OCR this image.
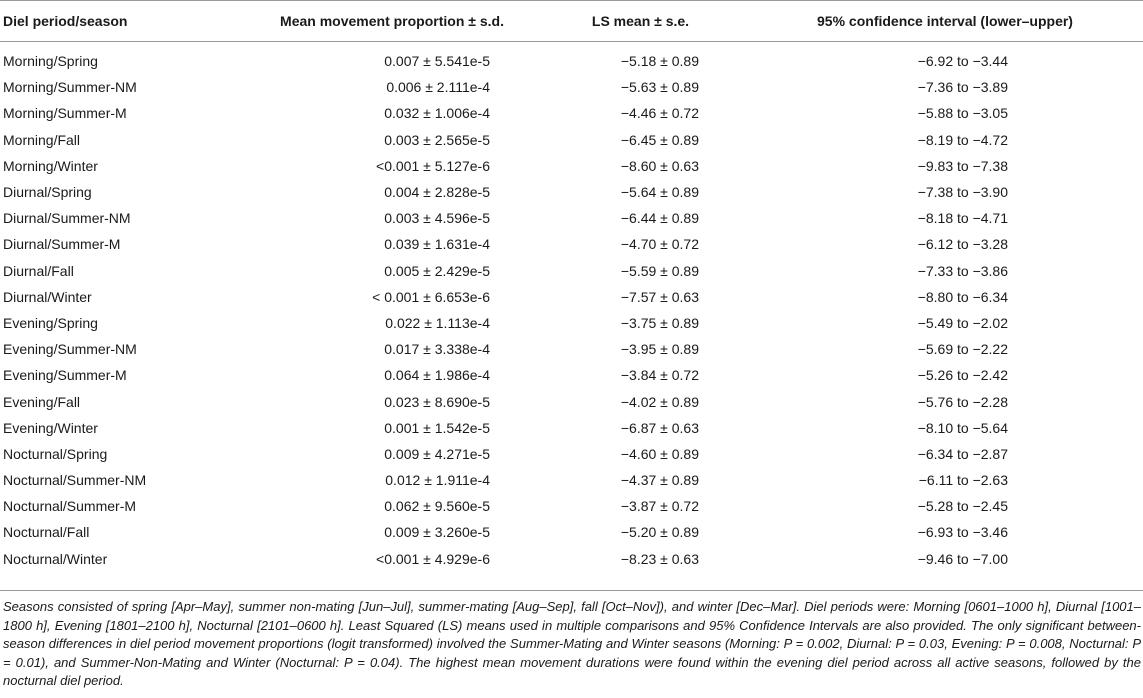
Diel period/season	Mean movement proportion ± s.d.	LS mean ± s.e.	95% confidence interval (lower–upper)

Morning/Spring	0.007 ± 5.541e-5	−5.18 ± 0.89	−6.92 to −3.44
Morning/Summer-NM	0.006 ± 2.111e-4	−5.63 ± 0.89	−7.36 to −3.89
Morning/Summer-M	0.032 ± 1.006e-4	−4.46 ± 0.72	−5.88 to −3.05
Morning/Fall	0.003 ± 2.565e-5	−6.45 ± 0.89	−8.19 to −4.72
Morning/Winter	<0.001 ± 5.127e-6	−8.60 ± 0.63	−9.83 to −7.38
Diurnal/Spring	0.004 ± 2.828e-5	−5.64 ± 0.89	−7.38 to −3.90
Diurnal/Summer-NM	0.003 ± 4.596e-5	−6.44 ± 0.89	−8.18 to −4.71
Diurnal/Summer-M	0.039 ± 1.631e-4	−4.70 ± 0.72	−6.12 to −3.28
Diurnal/Fall	0.005 ± 2.429e-5	−5.59 ± 0.89	−7.33 to −3.86
Diurnal/Winter	< 0.001 ± 6.653e-6	−7.57 ± 0.63	−8.80 to −6.34
Evening/Spring	0.022 ± 1.113e-4	−3.75 ± 0.89	−5.49 to −2.02
Evening/Summer-NM	0.017 ± 3.338e-4	−3.95 ± 0.89	−5.69 to −2.22
Evening/Summer-M	0.064 ± 1.986e-4	−3.84 ± 0.72	−5.26 to −2.42
Evening/Fall	0.023 ± 8.690e-5	−4.02 ± 0.89	−5.76 to −2.28
Evening/Winter	0.001 ± 1.542e-5	−6.87 ± 0.63	−8.10 to −5.64
Nocturnal/Spring	0.009 ± 4.271e-5	−4.60 ± 0.89	−6.34 to −2.87
Nocturnal/Summer-NM	0.012 ± 1.911e-4	−4.37 ± 0.89	−6.11 to −2.63
Nocturnal/Summer-M	0.062 ± 9.560e-5	−3.87 ± 0.72	−5.28 to −2.45
Nocturnal/Fall	0.009 ± 3.260e-5	−5.20 ± 0.89	−6.93 to −3.46
Nocturnal/Winter	<0.001 ± 4.929e-6	−8.23 ± 0.63	−9.46 to −7.00
Seasons consisted of spring [Apr–May], summer non-mating [Jun–Jul], summer-mating [Aug–Sep], fall [Oct–Nov]), and winter [Dec–Mar]. Diel periods were: Morning [0601–1000 h], Diurnal [1001–1800 h], Evening [1801–2100 h], Nocturnal [2101–0600 h]. Least Squared (LS) means used in multiple comparisons and 95% Confidence Intervals are also provided. The only significant between-season differences in diel period movement proportions (logit transformed) involved the Summer-Mating and Winter seasons (Morning: P = 0.002, Diurnal: P = 0.03, Evening: P = 0.008, Nocturnal: P = 0.01), and Summer-Non-Mating and Winter (Nocturnal: P = 0.04). The highest mean movement durations were found within the evening diel period across all active seasons, followed by the nocturnal diel period.
